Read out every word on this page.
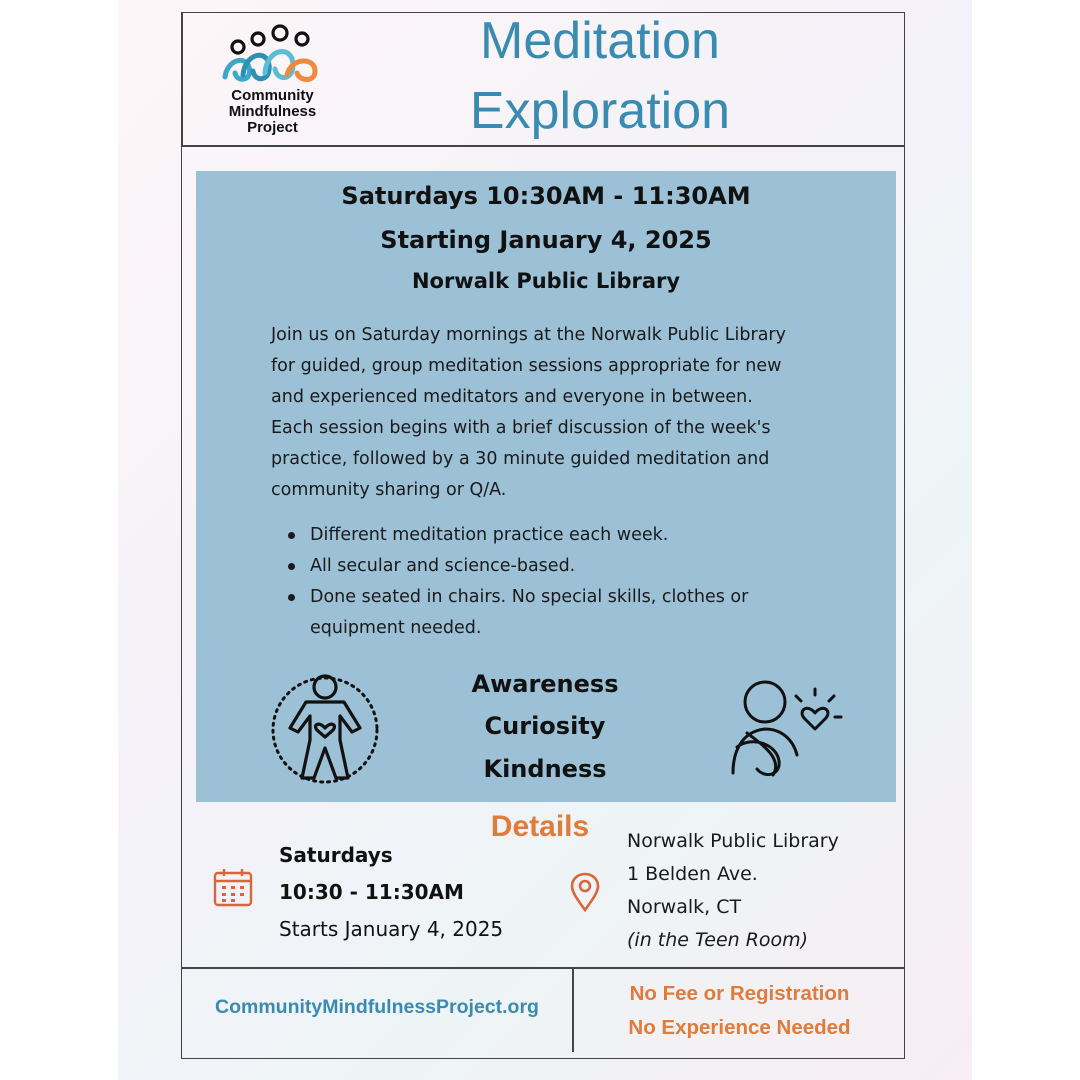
Community
Mindfulness
Project
Meditation
Exploration
Saturdays 10:30AM - 11:30AM
Starting January 4, 2025
Norwalk Public Library
Join us on Saturday mornings at the Norwalk Public Library
for guided, group meditation sessions appropriate for new
and experienced meditators and everyone in between.
Each session begins with a brief discussion of the week's
practice, followed by a 30 minute guided meditation and
community sharing or Q/A.
Different meditation practice each week.
All secular and science-based.
Done seated in chairs. No special skills, clothes or equipment needed.
Awareness
Curiosity
Kindness
Details
Saturdays
10:30 - 11:30AM
Starts January 4, 2025
Norwalk Public Library
1 Belden Ave.
Norwalk, CT
(in the Teen Room)
CommunityMindfulnessProject.org
No Fee or Registration
No Experience Needed
